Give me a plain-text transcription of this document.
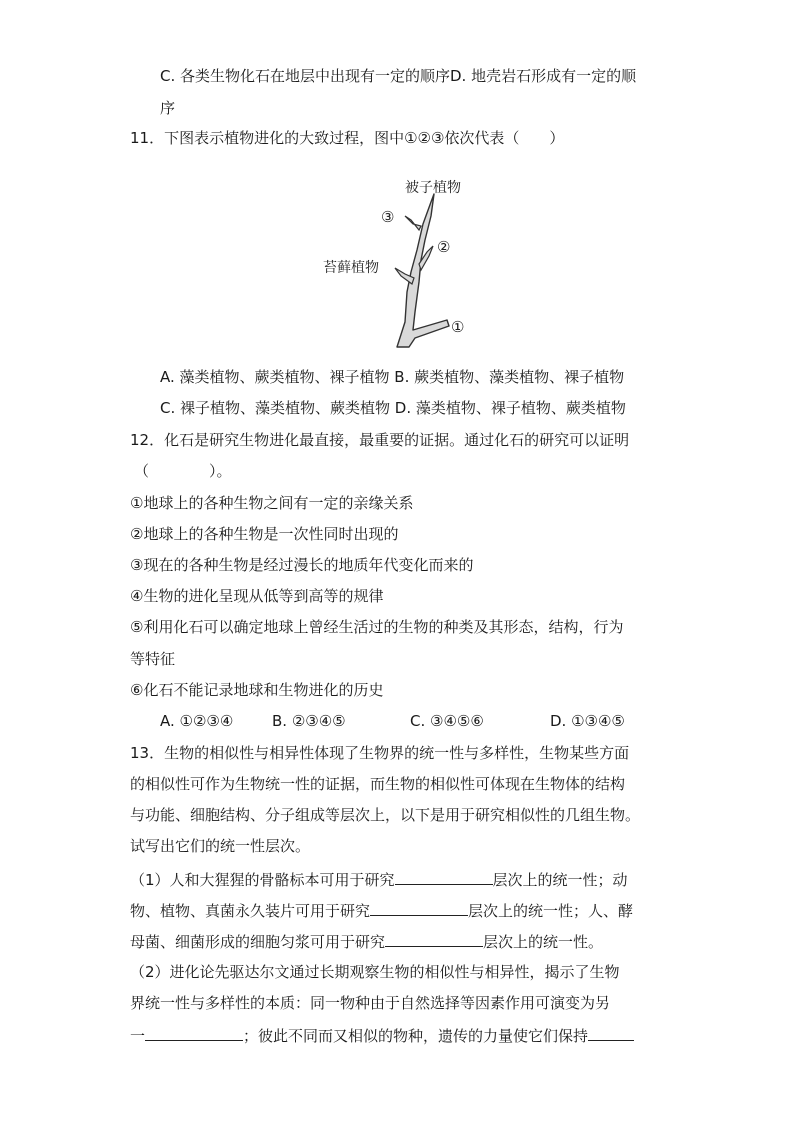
C. 各类生物化石在地层中出现有一定的顺序D. 地壳岩石形成有一定的顺
序
11．下图表示植物进化的大致过程，图中①②③依次代表（　　）
被子植物
苔藓植物
③
②
①
A. 藻类植物、蕨类植物、裸子植物 B. 蕨类植物、藻类植物、裸子植物
C. 裸子植物、藻类植物、蕨类植物 D. 藻类植物、裸子植物、蕨类植物
12．化石是研究生物进化最直接，最重要的证据。通过化石的研究可以证明
（　　　　）。
①地球上的各种生物之间有一定的亲缘关系
②地球上的各种生物是一次性同时出现的
③现在的各种生物是经过漫长的地质年代变化而来的
④生物的进化呈现从低等到高等的规律
⑤利用化石可以确定地球上曾经生活过的生物的种类及其形态，结构，行为
等特征
⑥化石不能记录地球和生物进化的历史
A. ①②③④	B. ②③④⑤	C. ③④⑤⑥	D. ①③④⑤
13．生物的相似性与相异性体现了生物界的统一性与多样性，生物某些方面
的相似性可作为生物统一性的证据，而生物的相似性可体现在生物体的结构
与功能、细胞结构、分子组成等层次上，以下是用于研究相似性的几组生物。
试写出它们的统一性层次。
（1）人和大猩猩的骨骼标本可用于研究	层次上的统一性；动
物、植物、真菌永久装片可用于研究	层次上的统一性；人、酵
母菌、细菌形成的细胞匀浆可用于研究	层次上的统一性。
（2）进化论先驱达尔文通过长期观察生物的相似性与相异性，揭示了生物
界统一性与多样性的本质：同一物种由于自然选择等因素作用可演变为另
一	；彼此不同而又相似的物种，遗传的力量使它们保持
